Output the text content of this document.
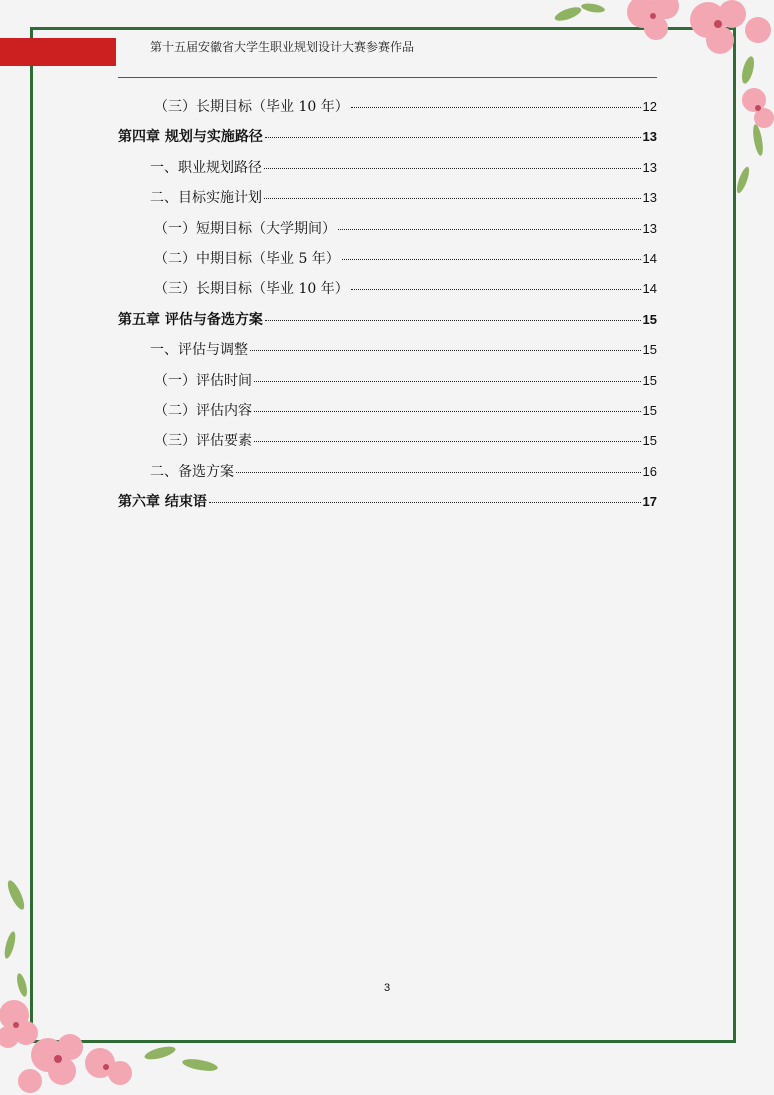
第十五届安徽省大学生职业规划设计大赛参赛作品
（三）长期目标（毕业 10 年）	12
第四章 规划与实施路径	13
一、职业规划路径	13
二、目标实施计划	13
（一）短期目标（大学期间）	13
（二）中期目标（毕业 5 年）	14
（三）长期目标（毕业 10 年）	14
第五章 评估与备选方案	15
一、评估与调整	15
（一）评估时间	15
（二）评估内容	15
（三）评估要素	15
二、备选方案	16
第六章 结束语	17
3
